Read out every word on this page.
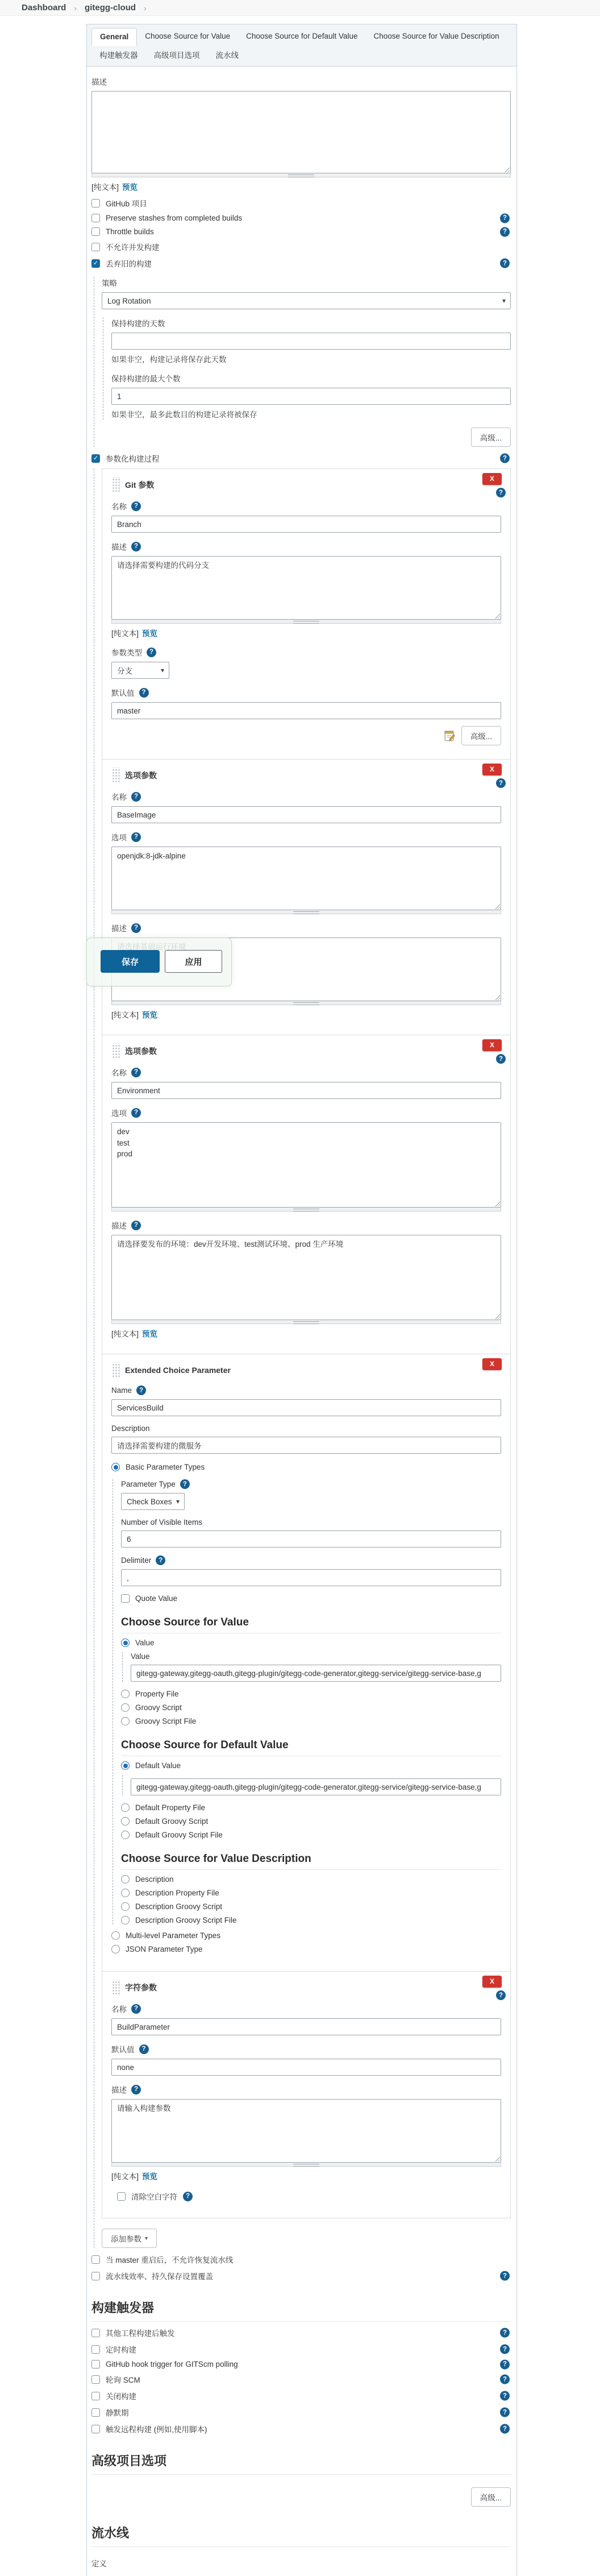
Dashboard › gitegg-cloud ›
General	Choose Source for Value	Choose Source for Default Value	Choose Source for Value Description
构建触发器	高级项目选项	流水线
描述
[纯文本] 预览
GitHub 项目
Preserve stashes from completed builds
?
Throttle builds
?
不允许并发构建
✓
丢弃旧的构建
?
策略
Log Rotation
▾
保持构建的天数
如果非空，构建记录将保存此天数
保持构建的最大个数
1
如果非空，最多此数目的构建记录将被保存
高级...
✓
参数化构建过程
?
X
?
Git 参数
名称
?
Branch
描述
?
请选择需要构建的代码分支
[纯文本] 预览
参数类型
?
分支
▾
默认值
?
master
高级...
X
?
选项参数
名称
?
BaseImage
选项
?
openjdk:8-jdk-alpine
描述
?
请选择基础运行环境
保存	应用
[纯文本] 预览
X
?
选项参数
名称
?
Environment
选项
?
dev test prod
描述
?
请选择要发布的环境：dev开发环境、test测试环境、prod 生产环境
[纯文本] 预览
X
Extended Choice Parameter
Name
?
ServicesBuild
Description
请选择需要构建的微服务
Basic Parameter Types
Parameter Type
?
Check Boxes
▾
Number of Visible Items
6
Delimiter
?
,
Quote Value
Choose Source for Value
Value
Value
gitegg-gateway,gitegg-oauth,gitegg-plugin/gitegg-code-generator,gitegg-service/gitegg-service-base,g
Property File
Groovy Script
Groovy Script File
Choose Source for Default Value
Default Value
gitegg-gateway,gitegg-oauth,gitegg-plugin/gitegg-code-generator,gitegg-service/gitegg-service-base,g
Default Property File
Default Groovy Script
Default Groovy Script File
Choose Source for Value Description
Description
Description Property File
Description Groovy Script
Description Groovy Script File
Multi-level Parameter Types
JSON Parameter Type
X
?
字符参数
名称
?
BuildParameter
默认值
?
none
描述
?
请输入构建参数
[纯文本] 预览
清除空白字符
?
添加参数 ▾
当 master 重启后，不允许恢复流水线
流水线效率、持久保存设置覆盖
?
构建触发器
其他工程构建后触发
?
定时构建
?
GitHub hook trigger for GITScm polling
?
轮询 SCM
?
关闭构建
?
静默期
?
触发远程构建 (例如,使用脚本)
?
高级项目选项
高级...
流水线
定义
